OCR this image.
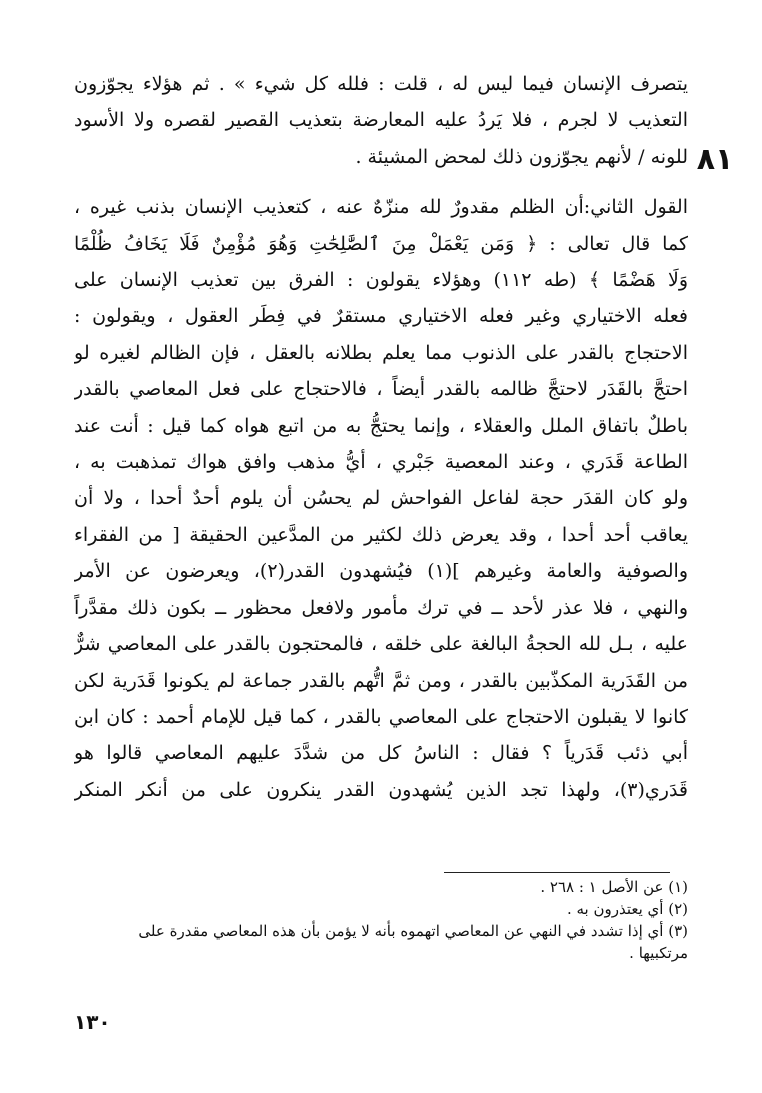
٨١
يتصرف الإنسان فيما ليس له ، قلت : فلله كل شيء » . ثم هؤلاء يجوّزون
التعذيب لا لجرم ، فلا يَردُ عليه المعارضة بتعذيب القصير لقصره ولا الأسود
للونه / لأنهم يجوّزون ذلك لمحض المشيئة .
القول الثاني:أن الظلم مقدورٌ لله منزّهٌ عنه ، كتعذيب الإنسان بذنب غيره ،
كما قال تعالى : ﴿ وَمَن يَعْمَلْ مِنَ ٱلصَّٰلِحَٰتِ وَهُوَ مُؤْمِنٌ فَلَا يَخَافُ ظُلْمًا
وَلَا هَضْمًا ﴾ (طه ١١٢) وهؤلاء يقولون : الفرق بين تعذيب الإنسان على
فعله الاختياري وغير فعله الاختياري مستقرٌ في فِطَر العقول ، ويقولون :
الاحتجاج بالقدر على الذنوب مما يعلم بطلانه بالعقل ، فإن الظالم لغيره لو
احتجَّ بالقَدَر لاحتجَّ ظالمه بالقدر أيضاً ، فالاحتجاج على فعل المعاصي بالقدر
باطلٌ باتفاق الملل والعقلاء ، وإنما يحتجُّ به من اتبع هواه كما قيل : أنت عند
الطاعة قَدَري ، وعند المعصية جَبْري ، أيُّ مذهب وافق هواك تمذهبت به ،
ولو كان القدَر حجة لفاعل الفواحش لم يحسُن أن يلوم أحدٌ أحدا ، ولا أن
يعاقب أحد أحدا ، وقد يعرض ذلك لكثير من المدَّعين الحقيقة [ من الفقراء
والصوفية والعامة وغيرهم ](١) فيُشهدون القدر(٢)، ويعرضون عن الأمر
والنهي ، فلا عذر لأحد ــ في ترك مأمور ولافعل محظور ــ بكون ذلك مقدَّراً
عليه ، بـل لله الحجةُ البالغة على خلقه ، فالمحتجون بالقدر على المعاصي شرٌّ
من القَدَرية المكذّبين بالقدر ، ومن ثمَّ اتُّهم بالقدر جماعة لم يكونوا قَدَرية لكن
كانوا لا يقبلون الاحتجاج على المعاصي بالقدر ، كما قيل للإمام أحمد : كان ابن
أبي ذئب قَدَرياً ؟ فقال : الناسُ كل من شدَّدَ عليهم المعاصي قالوا هو
قَدَري(٣)، ولهذا تجد الذين يُشهدون القدر ينكرون على من أنكر المنكر
(١) عن الأصل ١ : ٢٦٨ .
(٢) أي يعتذرون به .
(٣) أي إذا تشدد في النهي عن المعاصي اتهموه بأنه لا يؤمن بأن هذه المعاصي مقدرة على
مرتكبيها .
١٣٠
